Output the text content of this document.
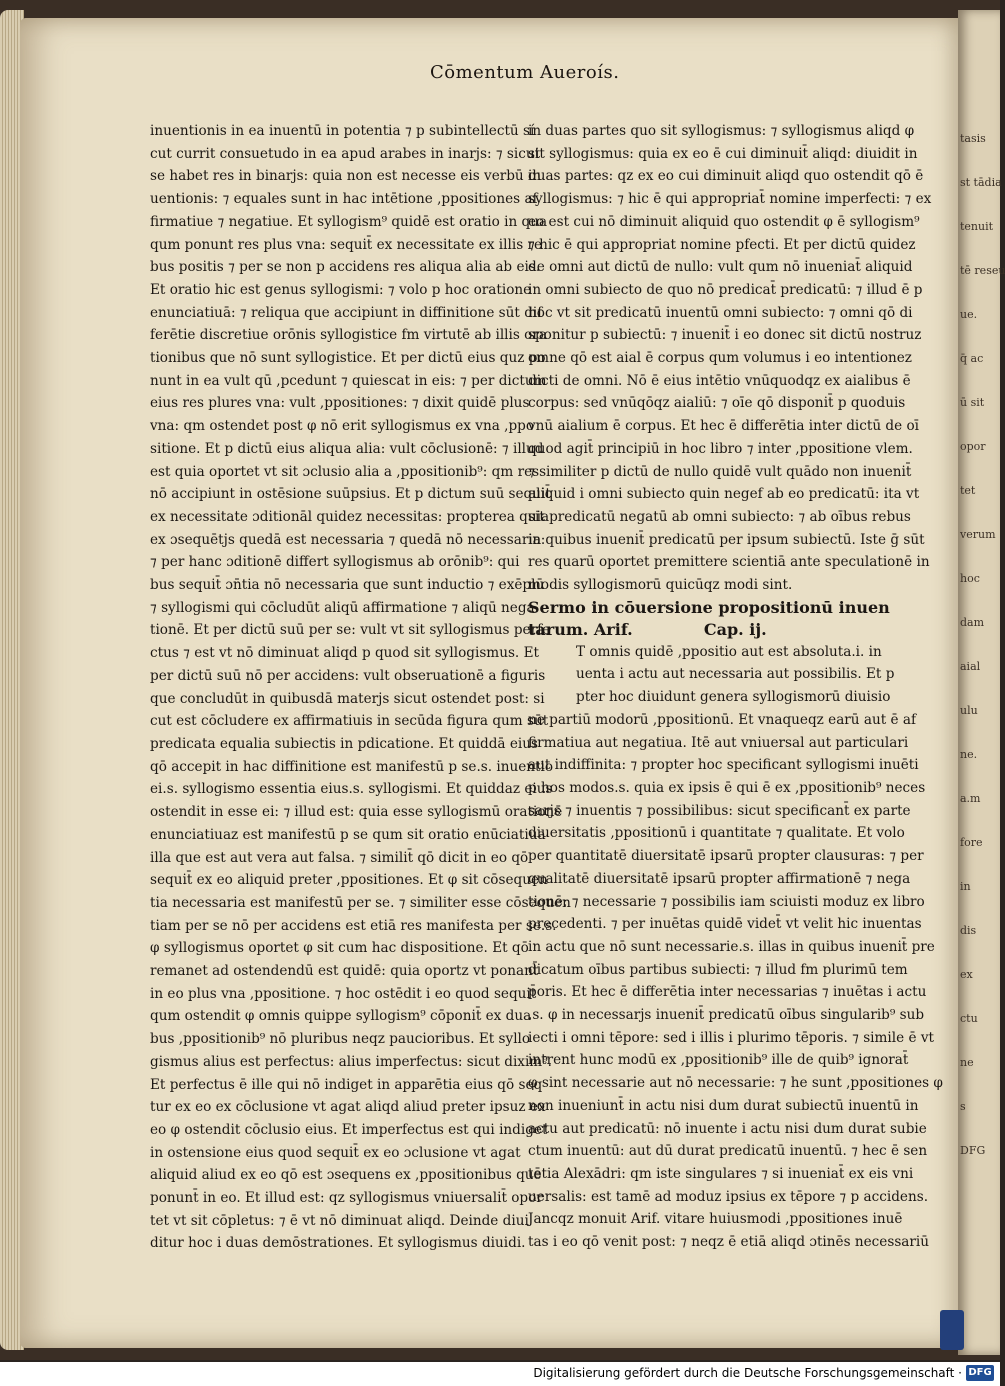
tasis
st tādia
tenuit
tē reseu
ue.
q̄ ac
ū sit
opor
tet
verum
hoc
dam
aial
ulu
ne.
a.m
fore
in
dis
ex
ctu
ne
s
DFG
Cōmentum Aueroís.
inuentionis in ea inuentū in potentia ⁊ p subintellectū sí
cut currit consuetudo in ea apud arabes in inarȷ̇s: ⁊ sicut
se habet res in binarȷ̇s: quia non est necesse eis verbū in
uentionis: ⁊ equales sunt in hac intētione ,ppositiones af
firmatiue ⁊ negatiue. Et syllogism⁹ quidē est oratio in qua
qum ponunt res plus vna: sequit̄ ex necessitate ex illis re
bus positis ⁊ per se non p accidens res aliqua alia ab eis.
Et oratio hic est genus syllogismi: ⁊ volo p hoc oratione
enunciatiuā: ⁊ reliqua que accipiunt in diffinitione sūt dif
ferētie discretiue orōnis syllogistice fm virtutē ab illis ora
tionibus que nō sunt syllogistice. Et per dictū eius quz po
nunt in ea vult qū ,pcedunt ⁊ quiescat in eis: ⁊ per dictum
eius res plures vna: vult ,ppositiones: ⁊ dixit quidē plus
vna: qm ostendet post φ nō erit syllogismus ex vna ,ppo
sitione. Et p dictū eius aliqua alia: vult cōclusionē: ⁊ illud
est quia oportet vt sit ɔclusio alia a ,ppositionib⁹: qm res
nō accipiunt in ostēsione suūpsius. Et p dictum suū sequit̄
ex necessitate ɔditionāl quidez necessitas: propterea quia
ex ɔsequētȷ̇s quedā est necessaria ⁊ quedā nō necessaria:
⁊ per hanc ɔditionē differt syllogismus ab orōnib⁹: qui
bus sequit̄ ɔn̄tia nō necessaria que sunt inductio ⁊ exēplū
⁊ syllogismi qui cōcludūt aliqū affirmatione ⁊ aliqū nega
tionē. Et per dictū suū per se: vult vt sit syllogismus perfe
ctus ⁊ est vt nō diminuat aliqd p quod sit syllogismus. Et
per dictū suū nō per accidens: vult obseruationē a figuris
que concludūt in quibusdā materȷ̇s sicut ostendet post: si
cut est cōcludere ex affirmatiuis in secūda figura qum sūt
predicata equalia subiectis in pdicatione. Et quiddā eius
qō accepit in hac diffinitione est manifestū p se.s. inuentio
ei.s. syllogismo essentia eius.s. syllogismi. Et quiddaz eius
ostendit in esse ei: ⁊ illud est: quia esse syllogismū orationē
enunciatiuaz est manifestū p se qum sit oratio enūciatiua
illa que est aut vera aut falsa. ⁊ similit̄ qō dicit in eo qō
sequit̄ ex eo aliquid preter ,ppositiones. Et φ sit cōsequen
tia necessaria est manifestū per se. ⁊ similiter esse cōsequen
tiam per se nō per accidens est etiā res manifesta per se.s.
φ syllogismus oportet φ sit cum hac dispositione. Et qō
remanet ad ostendendū est quidē: quia oportz vt ponant̄
in eo plus vna ,ppositione. ⁊ hoc ostēdit i eo quod sequit̄
qum ostendit φ omnis quippe syllogism⁹ cōponit̄ ex dua
bus ,ppositionib⁹ nō pluribus neqz paucioribus. Et syllo
gismus alius est perfectus: alius imperfectus: sicut dixim⁹.
Et perfectus ē ille qui nō indiget in apparētia eius qō seq
tur ex eo ex cōclusione vt agat aliqd aliud preter ipsuz ex
eo φ ostendit cōclusio eius. Et imperfectus est qui indiget
in ostensione eius quod sequit̄ ex eo ɔclusione vt agat
aliquid aliud ex eo qō est ɔsequens ex ,ppositionibus que
ponunt̄ in eo. Et illud est: qz syllogismus vniuersalit̄ opor
tet vt sit cōpletus: ⁊ ē vt nō diminuat aliqd. Deinde diui
ditur hoc i duas demōstrationes. Et syllogismus diuidi.
in duas partes quo sit syllogismus: ⁊ syllogismus aliqd φ
sit syllogismus: quia ex eo ē cui diminuit̄ aliqd: diuidit in
duas partes: qz ex eo cui diminuit aliqd quo ostendit qō ē
syllogismus: ⁊ hic ē qui appropriat̄ nomine imperfecti: ⁊ ex
eo est cui nō diminuit aliquid quo ostendit φ ē syllogism⁹
⁊ hic ē qui appropriat nomine pfecti. Et per dictū quidez
de omni aut dictū de nullo: vult qum nō inueniat̄ aliquid
in omni subiecto de quo nō predicat̄ predicatū: ⁊ illud ē p
hoc vt sit predicatū inuentū omni subiecto: ⁊ omni qō di
sponitur p subiectū: ⁊ inuenit̄ i eo donec sit dictū nostruz
omne qō est aial ē corpus qum volumus i eo intentionez
dicti de omni. Nō ē eius intētio vnūquodqz ex aialibus ē
corpus: sed vnūqōqz aialiū: ⁊ oīe qō disponit̄ p quoduis
vnū aialium ē corpus. Et hec ē differētia inter dictū de oī
quod agit̄ principiū in hoc libro ⁊ inter ,ppositione vlem.
⁊ similiter p dictū de nullo quidē vult quādo non inuenit̄
aliquid i omni subiecto quin negef ab eo predicatū: ita vt
sit predicatū negatū ab omni subiecto: ⁊ ab oībus rebus
in quibus inuenit̄ predicatū per ipsum subiectū. Iste ḡ sūt
res quarū oportet premittere scientiā ante speculationē in
modis syllogismorū quicūqz modi sint.
Sermo in cōuersione propositionū inuen
tarum. Arif.	Cap. ij.
T omnis quidē ,ppositio aut est absoluta.i. in
uenta i actu aut necessaria aut possibilis. Et p
pter hoc diuidunt genera syllogismorū diuisio
ne partiū modorū ,ppositionū. Et vnaqueqz earū aut ē af
firmatiua aut negatiua. Itē aut vniuersal aut particulari
aut indiffinita: ⁊ propter hoc specificant syllogismi inuēti
p hos modos.s. quia ex ipsis ē qui ē ex ,ppositionib⁹ neces
sarȷ̇s ⁊ inuentis ⁊ possibilibus: sicut specificant̄ ex parte
diuersitatis ,ppositionū i quantitate ⁊ qualitate. Et volo
per quantitatē diuersitatē ipsarū propter clausuras: ⁊ per
qualitatē diuersitatē ipsarū propter affirmationē ⁊ nega
tionē: ⁊ necessarie ⁊ possibilis iam sciuisti moduz ex libro
precedenti. ⁊ per inuētas quidē videt̄ vt velit hic inuentas
in actu que nō sunt necessarie.s. illas in quibus inuenit̄ pre
dicatum oībus partibus subiecti: ⁊ illud fm plurimū tem
poris. Et hec ē differētia inter necessarias ⁊ inuētas i actu
.s. φ in necessarȷ̇s inuenit̄ predicatū oībus singularib⁹ sub
iecti i omni tēpore: sed i illis i plurimo tēporis. ⁊ simile ē vt
intrent hunc modū ex ,ppositionib⁹ ille de quib⁹ ignorat̄
φ sint necessarie aut nō necessarie: ⁊ he sunt ,ppositiones φ
non inueniunt̄ in actu nisi dum durat subiectū inuentū in
actu aut predicatū: nō inuente i actu nisi dum durat subie
ctum inuentū: aut dū durat predicatū inuentū. ⁊ hec ē sen
tētia Alexādri: qm iste singulares ⁊ si inueniat̄ ex eis vni
uersalis: est tamē ad moduz ipsius ex tēpore ⁊ p accidens.
Jancqz monuit Arif. vitare huiusmodi ,ppositiones inuē
tas i eo qō venit post: ⁊ neqz ē etiā aliqd ɔtinēs necessariū
Digitalisierung gefördert durch die Deutsche Forschungsgemeinschaft · DFG
